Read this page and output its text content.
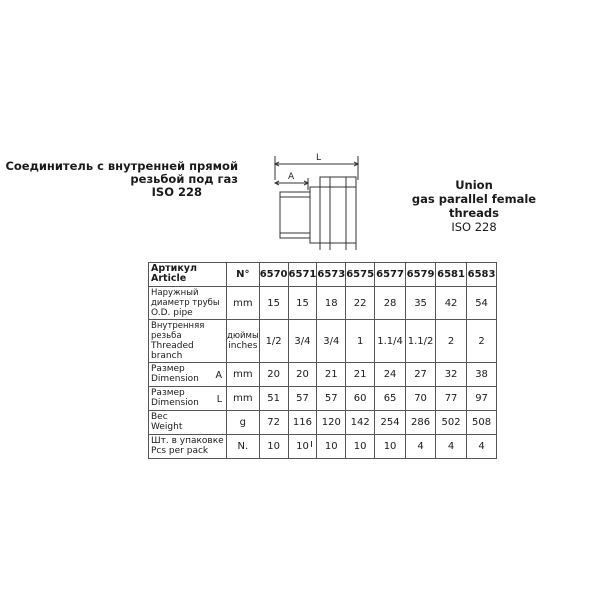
Соединитель с внутренней прямой
резьбой под газ

ISO 228
L
A
Union
gas parallel female threads
ISO 228
Артикул
Article	N°	6570	6571	6573	6575	6577	6579	6581	6583

Наружный диаметр трубы
O.D. pipe	mm	15	15	18	22	28	35	42	54

Внутренняя резьба
Threaded branch	дюймы
inches	1/2	3/4	3/4	1	1.1/4	1.1/2	2	2

Размер
Dimension A	mm	20	20	21	21	24	27	32	38

Размер
Dimension L	mm	51	57	57	60	65	70	77	97

Вес
Weight	g	72	116	120	142	254	286	502	508

Шт. в упаковке
Pcs per pack	N.	10	10	10	10	10	4	4	4
